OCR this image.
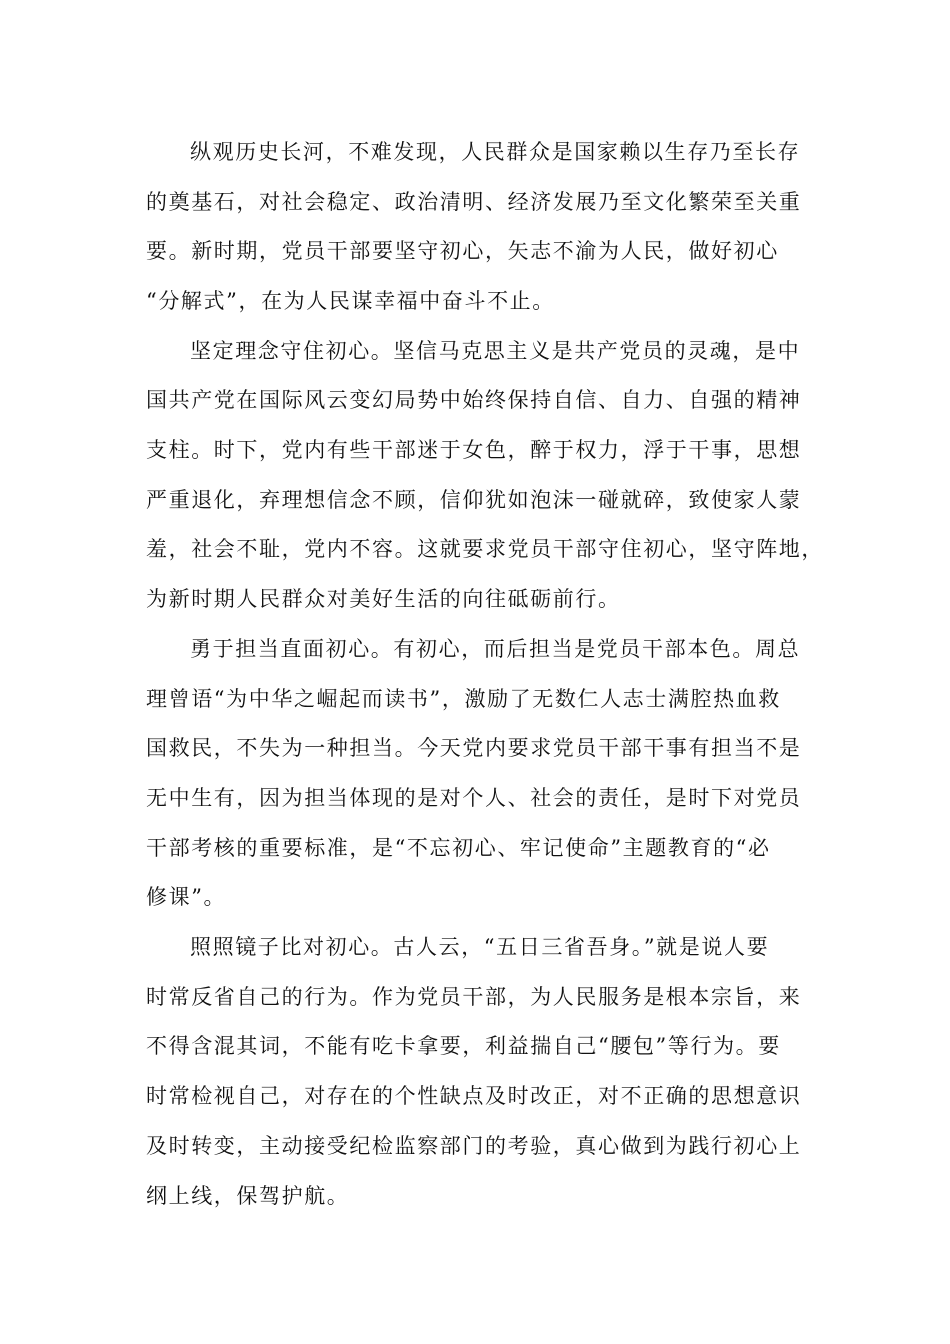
纵观历史长河，不难发现，人民群众是国家赖以生存乃至长存
的奠基石，对社会稳定、政治清明、经济发展乃至文化繁荣至关重
要。新时期，党员干部要坚守初心，矢志不渝为人民，做好初心
“分解式”，在为人民谋幸福中奋斗不止。
坚定理念守住初心。坚信马克思主义是共产党员的灵魂，是中
国共产党在国际风云变幻局势中始终保持自信、自力、自强的精神
支柱。时下，党内有些干部迷于女色，醉于权力，浮于干事，思想
严重退化，弃理想信念不顾，信仰犹如泡沫一碰就碎，致使家人蒙
羞，社会不耻，党内不容。这就要求党员干部守住初心，坚守阵地，
为新时期人民群众对美好生活的向往砥砺前行。
勇于担当直面初心。有初心，而后担当是党员干部本色。周总
理曾语“为中华之崛起而读书”，激励了无数仁人志士满腔热血救
国救民，不失为一种担当。今天党内要求党员干部干事有担当不是
无中生有，因为担当体现的是对个人、社会的责任，是时下对党员
干部考核的重要标准，是“不忘初心、牢记使命”主题教育的“必
修课”。
照照镜子比对初心。古人云，“五日三省吾身。”就是说人要
时常反省自己的行为。作为党员干部，为人民服务是根本宗旨，来
不得含混其词，不能有吃卡拿要，利益揣自己“腰包”等行为。要
时常检视自己，对存在的个性缺点及时改正，对不正确的思想意识
及时转变，主动接受纪检监察部门的考验，真心做到为践行初心上
纲上线，保驾护航。
